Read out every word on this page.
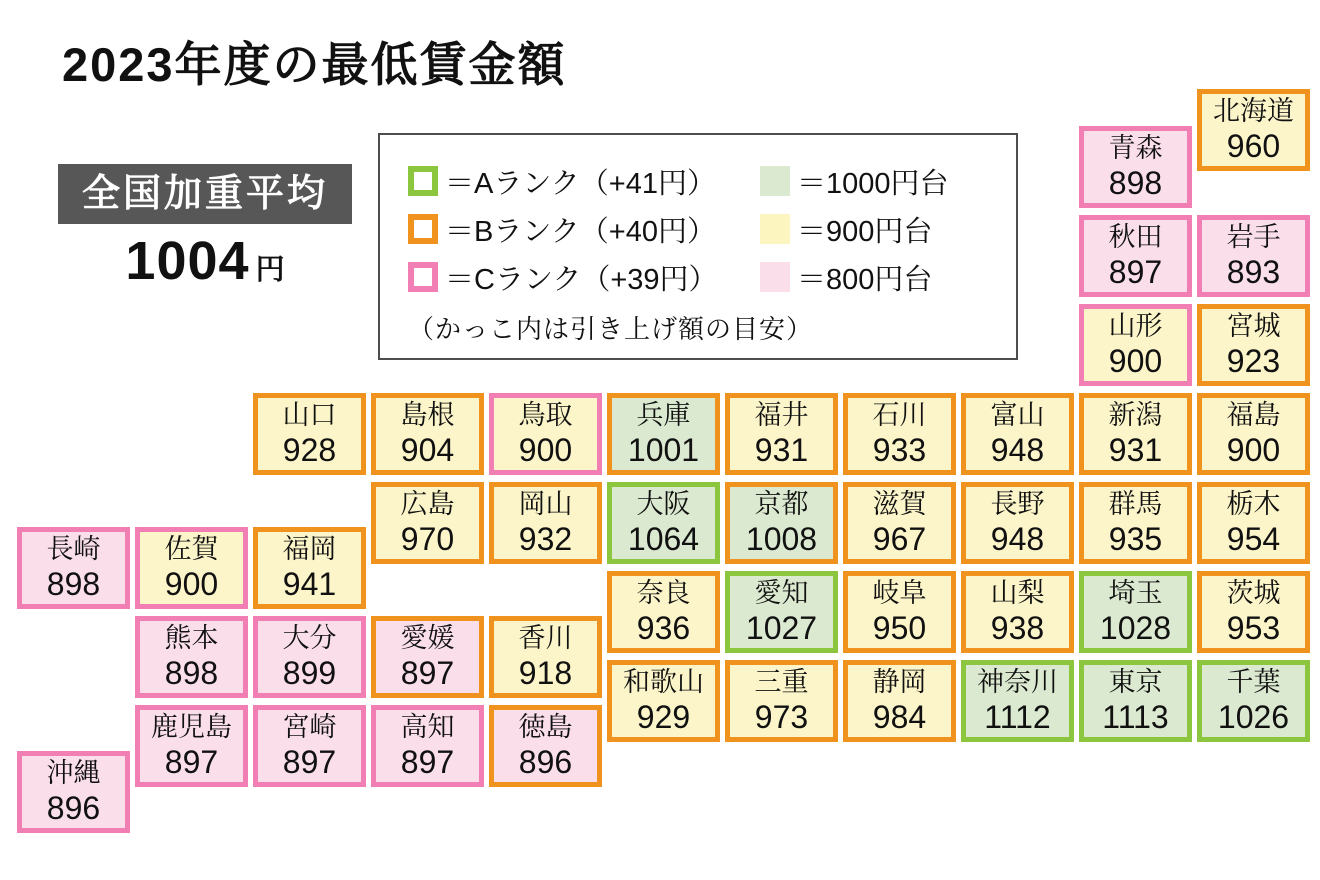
2023年度の最低賃金額
全国加重平均
1004 円
＝Aランク（+41円）	＝1000円台
＝Bランク（+40円）	＝900円台
＝Cランク（+39円）	＝800円台
（かっこ内は引き上げ額の目安）
北海道
960
青森
898
岩手
893
宮城
923
秋田
897
山形
900
福島
900
茨城
953
栃木
954
群馬
935
埼玉
1028
千葉
1026
東京
1113
神奈川
1112
新潟
931
富山
948
石川
933
福井
931
山梨
938
長野
948
岐阜
950
静岡
984
愛知
1027
三重
973
滋賀
967
京都
1008
大阪
1064
兵庫
1001
奈良
936
和歌山
929
鳥取
900
島根
904
岡山
932
広島
970
山口
928
徳島
896
香川
918
愛媛
897
高知
897
福岡
941
佐賀
900
長崎
898
熊本
898
大分
899
宮崎
897
鹿児島
897
沖縄
896
